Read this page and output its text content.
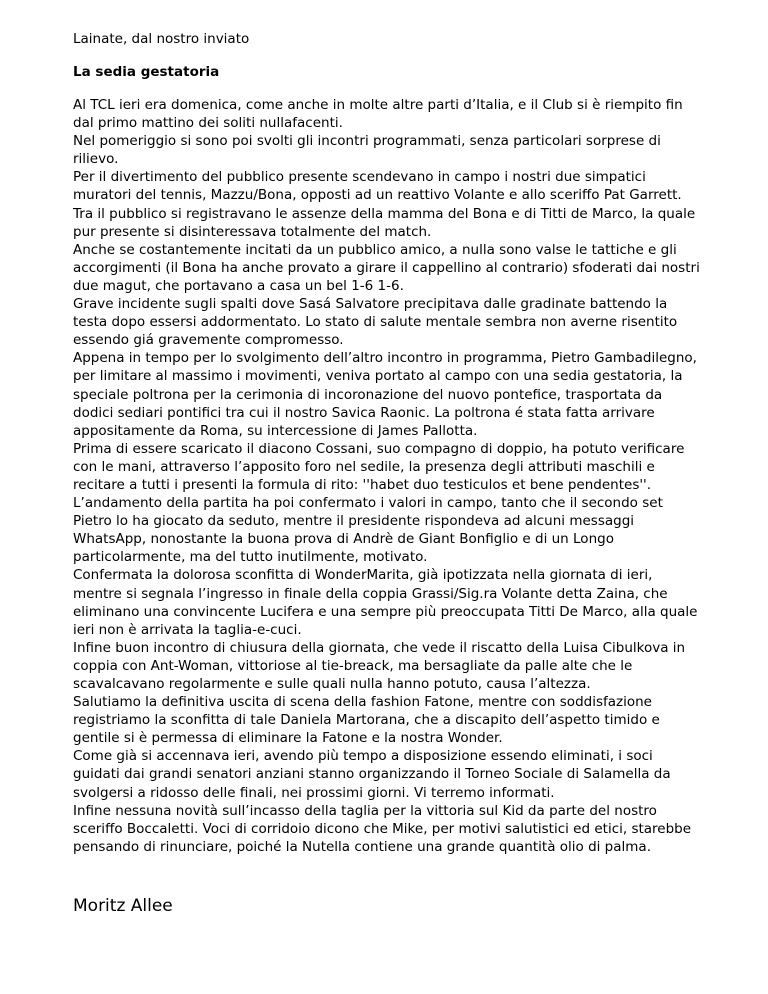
Lainate, dal nostro inviato
La sedia gestatoria

Al TCL ieri era domenica, come anche in molte altre parti d’Italia, e il Club si è riempito fin dal primo mattino dei soliti nullafacenti.

Nel pomeriggio si sono poi svolti gli incontri programmati, senza particolari sorprese di rilievo.

Per il divertimento del pubblico presente scendevano in campo i nostri due simpatici muratori del tennis, Mazzu/Bona, opposti ad un reattivo Volante e allo sceriffo Pat Garrett.

Tra il pubblico si registravano le assenze della mamma del Bona e di Titti de Marco, la quale pur presente si disinteressava totalmente del match.

Anche se costantemente incitati da un pubblico amico, a nulla sono valse le tattiche e gli accorgimenti (il Bona ha anche provato a girare il cappellino al contrario) sfoderati dai nostri due magut, che portavano a casa un bel 1-6 1-6.

Grave incidente sugli spalti dove Sasá Salvatore precipitava dalle gradinate battendo la testa dopo essersi addormentato. Lo stato di salute mentale sembra non averne risentito essendo giá gravemente compromesso.

Appena in tempo per lo svolgimento dell’altro incontro in programma, Pietro Gambadilegno, per limitare al massimo i movimenti, veniva portato al campo con una sedia gestatoria, la speciale poltrona per la cerimonia di incoronazione del nuovo pontefice, trasportata da dodici sediari pontifici tra cui il nostro Savica Raonic. La poltrona é stata fatta arrivare appositamente da Roma, su intercessione di James Pallotta.

Prima di essere scaricato il diacono Cossani, suo compagno di doppio, ha potuto verificare con le mani, attraverso l’apposito foro nel sedile, la presenza degli attributi maschili e recitare a tutti i presenti la formula di rito: ''habet duo testiculos et bene pendentes''.

L’andamento della partita ha poi confermato i valori in campo, tanto che il secondo set Pietro lo ha giocato da seduto, mentre il presidente rispondeva ad alcuni messaggi WhatsApp, nonostante la buona prova di Andrè de Giant Bonfiglio e di un Longo particolarmente, ma del tutto inutilmente, motivato.

Confermata la dolorosa sconfitta di WonderMarita, già ipotizzata nella giornata di ieri, mentre si segnala l’ingresso in finale della coppia Grassi/Sig.ra Volante detta Zaina, che eliminano una convincente Lucifera e una sempre più preoccupata Titti De Marco, alla quale ieri non è arrivata la taglia-e-cuci.

Infine buon incontro di chiusura della giornata, che vede il riscatto della Luisa Cibulkova in coppia con Ant-Woman, vittoriose al tie-breack, ma bersagliate da palle alte che le scavalcavano regolarmente e sulle quali nulla hanno potuto, causa l’altezza.

Salutiamo la definitiva uscita di scena della fashion Fatone, mentre con soddisfazione registriamo la sconfitta di tale Daniela Martorana, che a discapito dell’aspetto timido e gentile si è permessa di eliminare la Fatone e la nostra Wonder.

Come già si accennava ieri, avendo più tempo a disposizione essendo eliminati, i soci guidati dai grandi senatori anziani stanno organizzando il Torneo Sociale di Salamella da svolgersi a ridosso delle finali, nei prossimi giorni. Vi terremo informati.

Infine nessuna novità sull’incasso della taglia per la vittoria sul Kid da parte del nostro sceriffo Boccaletti. Voci di corridoio dicono che Mike, per motivi salutistici ed etici, starebbe pensando di rinunciare, poiché la Nutella contiene una grande quantità olio di palma.

Moritz Allee
